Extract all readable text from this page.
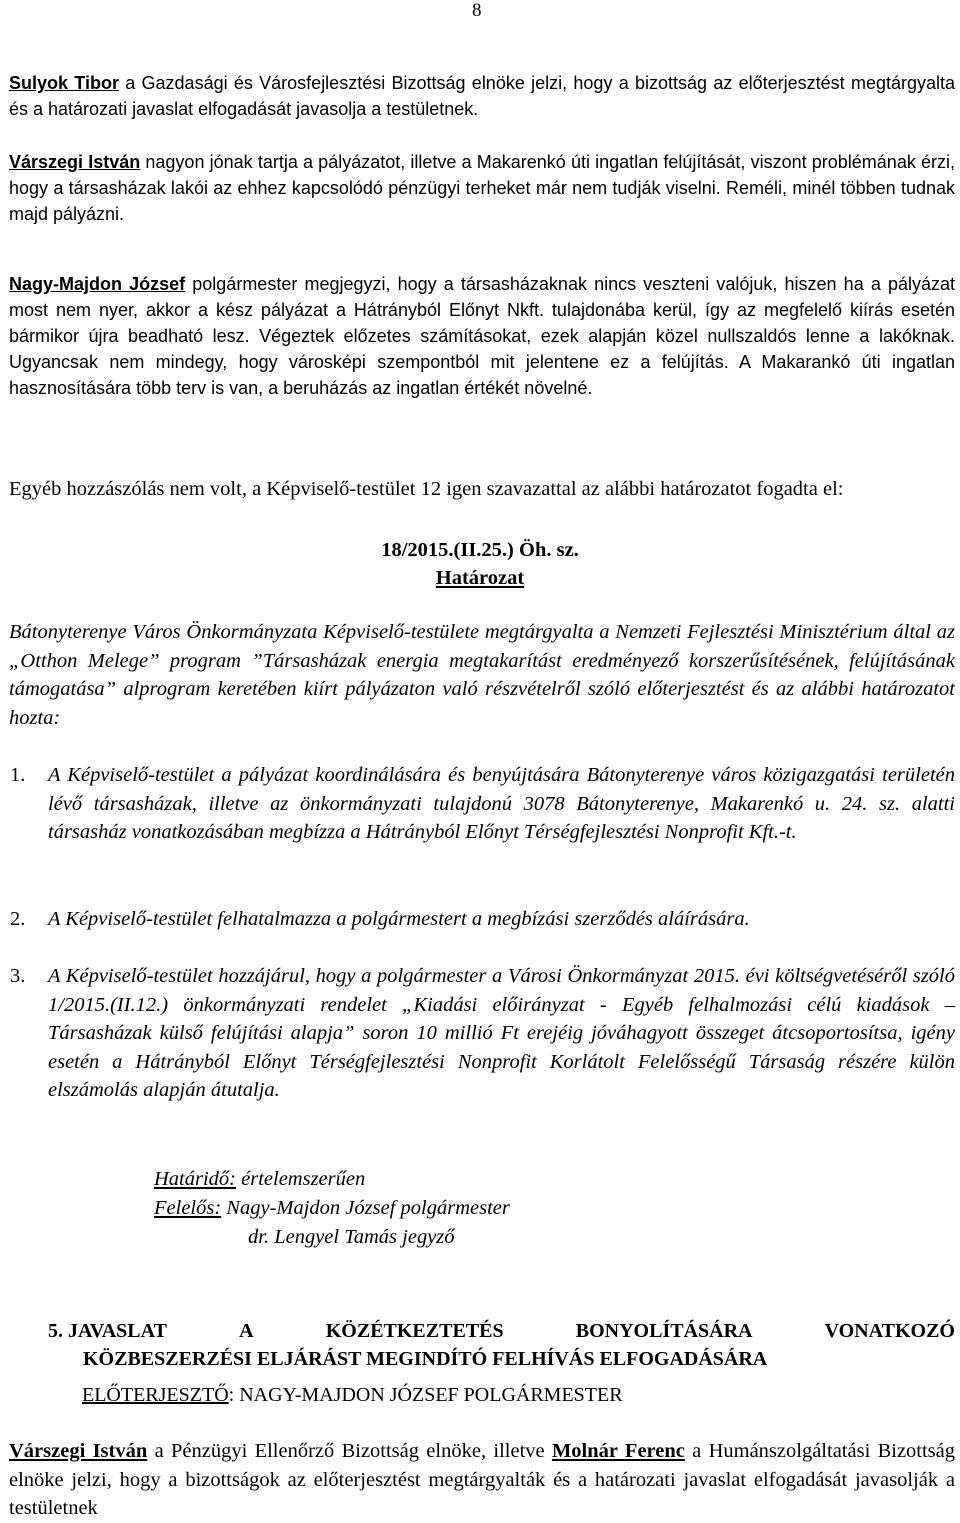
8

Sulyok Tibor a Gazdasági és Városfejlesztési Bizottság elnöke jelzi, hogy a bizottság az előterjesztést megtárgyalta és a határozati javaslat elfogadását javasolja a testületnek.

Várszegi István nagyon jónak tartja a pályázatot, illetve a Makarenkó úti ingatlan felújítását, viszont problémának érzi, hogy a társasházak lakói az ehhez kapcsolódó pénzügyi terheket már nem tudják viselni. Reméli, minél többen tudnak majd pályázni.

Nagy-Majdon József polgármester megjegyzi, hogy a társasházaknak nincs veszteni valójuk, hiszen ha a pályázat most nem nyer, akkor a kész pályázat a Hátrányból Előnyt Nkft. tulajdonába kerül, így az megfelelő kiírás esetén bármikor újra beadható lesz. Végeztek előzetes számításokat, ezek alapján közel nullszaldós lenne a lakóknak. Ugyancsak nem mindegy, hogy városképi szempontból mit jelentene ez a felújítás. A Makarankó úti ingatlan hasznosítására több terv is van, a beruházás az ingatlan értékét növelné.

Egyéb hozzászólás nem volt, a Képviselő-testület 12 igen szavazattal az alábbi határozatot fogadta el:

18/2015.(II.25.) Öh. sz.
Határozat

Bátonyterenye Város Önkormányzata Képviselő-testülete megtárgyalta a Nemzeti Fejlesztési Minisztérium által az „Otthon Melege” program ”Társasházak energia megtakarítást eredményező korszerűsítésének, felújításának támogatása” alprogram keretében kiírt pályázaton való részvételről szóló előterjesztést és az alábbi határozatot hozta:

1. A Képviselő-testület a pályázat koordinálására és benyújtására Bátonyterenye város közigazgatási területén lévő társasházak, illetve az önkormányzati tulajdonú 3078 Bátonyterenye, Makarenkó u. 24. sz. alatti társasház vonatkozásában megbízza a Hátrányból Előnyt Térségfejlesztési Nonprofit Kft.-t.
2. A Képviselő-testület felhatalmazza a polgármestert a megbízási szerződés aláírására.
3. A Képviselő-testület hozzájárul, hogy a polgármester a Városi Önkormányzat 2015. évi költségvetéséről szóló 1/2015.(II.12.) önkormányzati rendelet „Kiadási előirányzat - Egyéb felhalmozási célú kiadások – Társasházak külső felújítási alapja” soron 10 millió Ft erejéig jóváhagyott összeget átcsoportosítsa, igény esetén a Hátrányból Előnyt Térségfejlesztési Nonprofit Korlátolt Felelősségű Társaság részére külön elszámolás alapján átutalja.
Határidő: értelemszerűen
Felelős: Nagy-Majdon József polgármester
dr. Lengyel Tamás jegyző
5. JAVASLAT	A	KÖZÉTKEZTETÉS	BONYOLÍTÁSÁRA	VONATKOZÓ
KÖZBESZERZÉSI ELJÁRÁST MEGINDÍTÓ FELHÍVÁS ELFOGADÁSÁRA
ELŐTERJESZTŐ: NAGY-MAJDON JÓZSEF POLGÁRMESTER

Várszegi István a Pénzügyi Ellenőrző Bizottság elnöke, illetve Molnár Ferenc a Humánszolgáltatási Bizottság elnöke jelzi, hogy a bizottságok az előterjesztést megtárgyalták és a határozati javaslat elfogadását javasolják a testületnek
